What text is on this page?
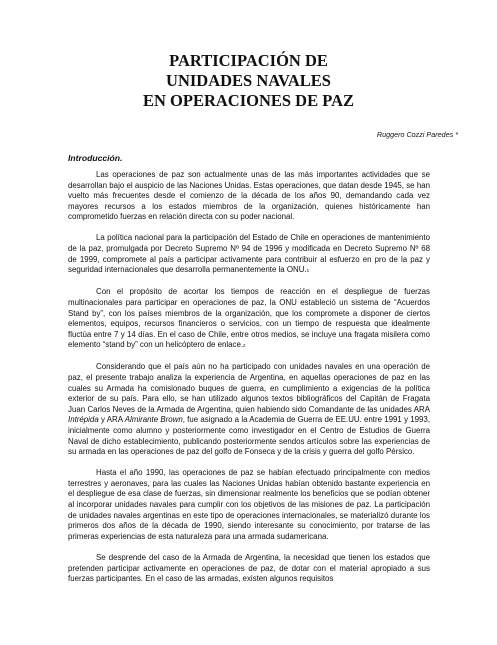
PARTICIPACIÓN DE
UNIDADES NAVALES
EN OPERACIONES DE PAZ
Ruggero Cozzi Paredes *
Introducción.

Las operaciones de paz son actualmente unas de las más importantes actividades que se desarrollan bajo el auspicio de las Naciones Unidas. Estas operaciones, que datan desde 1945, se han vuelto más frecuentes desde el comienzo de la década de los años 90, demandando cada vez mayores recursos a los estados miembros de la organización, quienes históricamente han comprometido fuerzas en relación directa con su poder nacional.

La política nacional para la participación del Estado de Chile en operaciones de mantenimiento de la paz, promulgada por Decreto Supremo Nº 94 de 1996 y modificada en Decreto Supremo Nº 68 de 1999, compromete al país a participar activamente para contribuir al esfuerzo en pro de la paz y seguridad internacionales que desarrolla permanentemente la ONU.1

Con el propósito de acortar los tiempos de reacción en el despliegue de fuerzas multinacionales para participar en operaciones de paz, la ONU estableció un sistema de “Acuerdos Stand by”, con los países miembros de la organización, que los compromete a disponer de ciertos elementos, equipos, recursos financieros o servicios, con un tiempo de respuesta que idealmente fluctúa entre 7 y 14 días. En el caso de Chile, entre otros medios, se incluye una fragata misilera como elemento “stand by” con un helicóptero de enlace.2

Considerando que el país aún no ha participado con unidades navales en una operación de paz, el presente trabajo analiza la experiencia de Argentina, en aquellas operaciones de paz en las cuales su Armada ha comisionado buques de guerra, en cumplimiento a exigencias de la política exterior de su país. Para ello, se han utilizado algunos textos bibliográficos del Capitán de Fragata Juan Carlos Neves de la Armada de Argentina, quien habiendo sido Comandante de las unidades ARA Intrépida y ARA Almirante Brown, fue asignado a la Academia de Guerra de EE.UU. entre 1991 y 1993, inicialmente como alumno y posteriormente como investigador en el Centro de Estudios de Guerra Naval de dicho establecimiento, publicando posteriormente sendos artículos sobre las experiencias de su armada en las operaciones de paz del golfo de Fonseca y de la crisis y guerra del golfo Pérsico.

Hasta el año 1990, las operaciones de paz se habían efectuado principalmente con medios terrestres y aeronaves, para las cuales las Naciones Unidas habían obtenido bastante experiencia en el despliegue de esa clase de fuerzas, sin dimensionar realmente los beneficios que se podían obtener al incorporar unidades navales para cumplir con los objetivos de las misiones de paz. La participación de unidades navales argentinas en este tipo de operaciones internacionales, se materializó durante los primeros dos años de la década de 1990, siendo interesante su conocimiento, por tratarse de las primeras experiencias de esta naturaleza para una armada sudamericana.

Se desprende del caso de la Armada de Argentina, la necesidad que tienen los estados que pretenden participar activamente en operaciones de paz, de dotar con el material apropiado a sus fuerzas participantes. En el caso de las armadas, existen algunos requisitos
